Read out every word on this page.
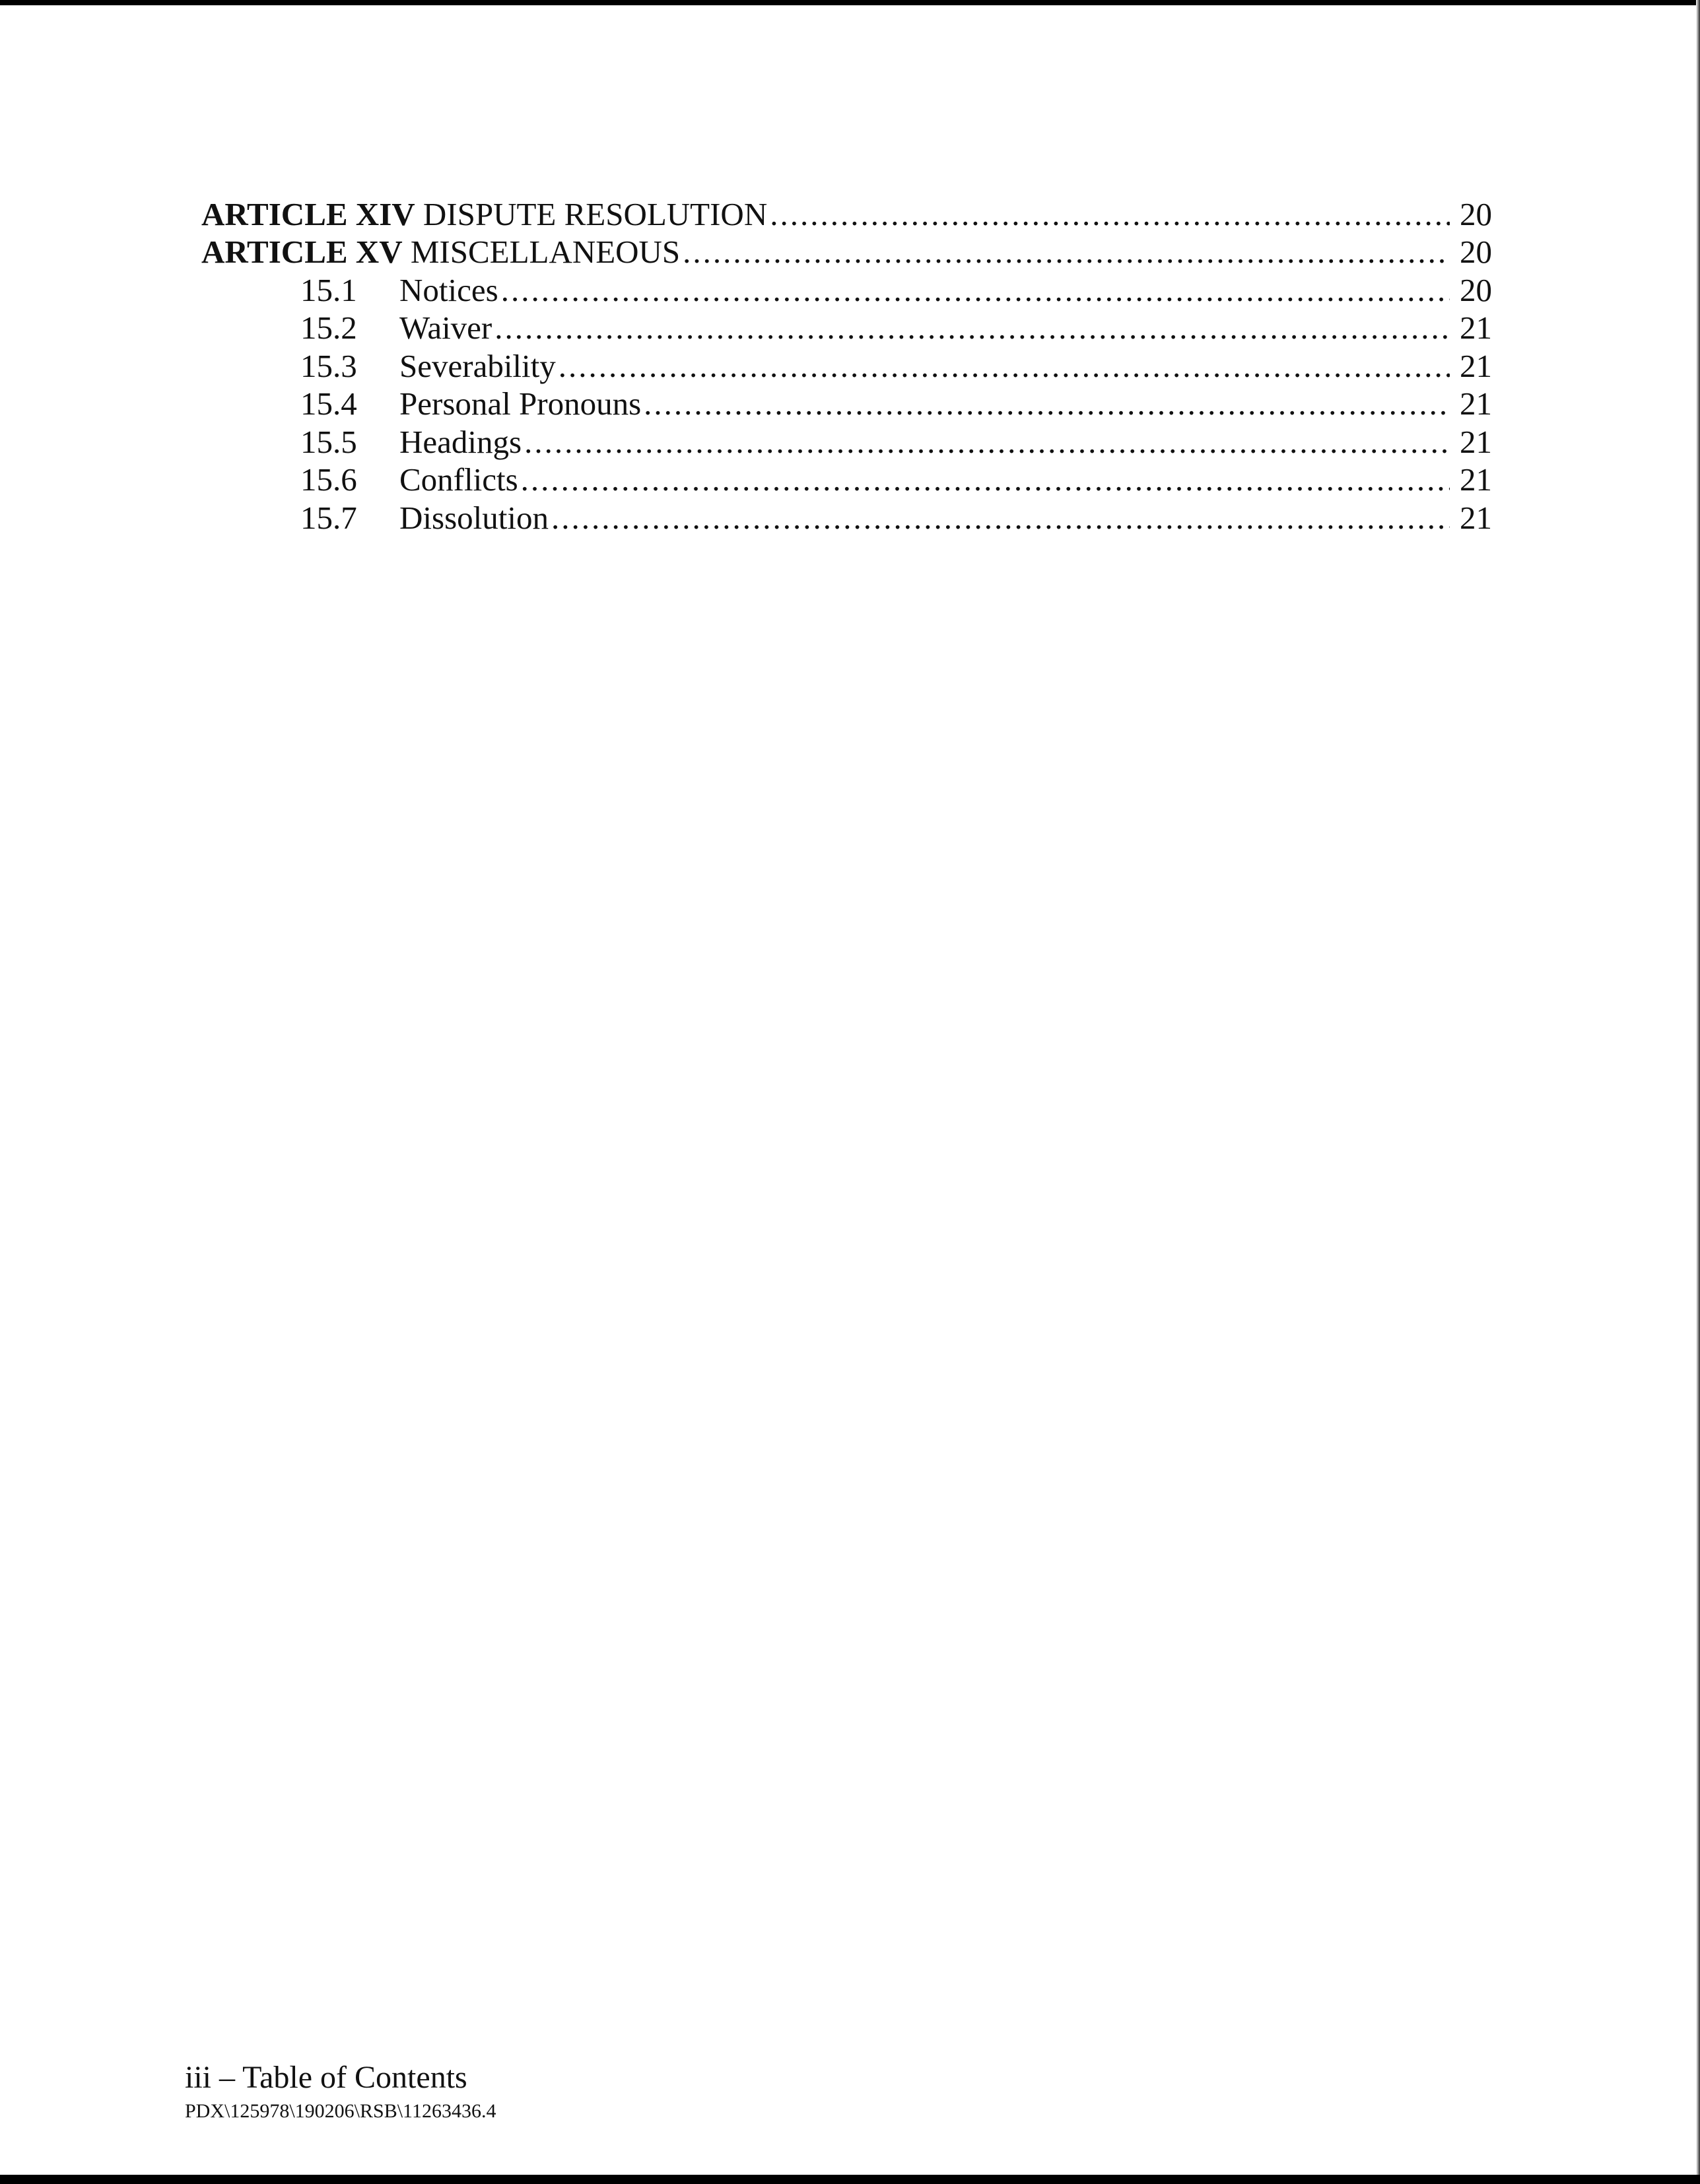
ARTICLE XIV DISPUTE RESOLUTION .....	20
ARTICLE XV MISCELLANEOUS .....	20
15.1	Notices .....	20
15.2	Waiver .....	21
15.3	Severability .....	21
15.4	Personal Pronouns .....	21
15.5	Headings .....	21
15.6	Conflicts .....	21
15.7	Dissolution .....	21
iii – Table of Contents
PDX\125978\190206\RSB\11263436.4
